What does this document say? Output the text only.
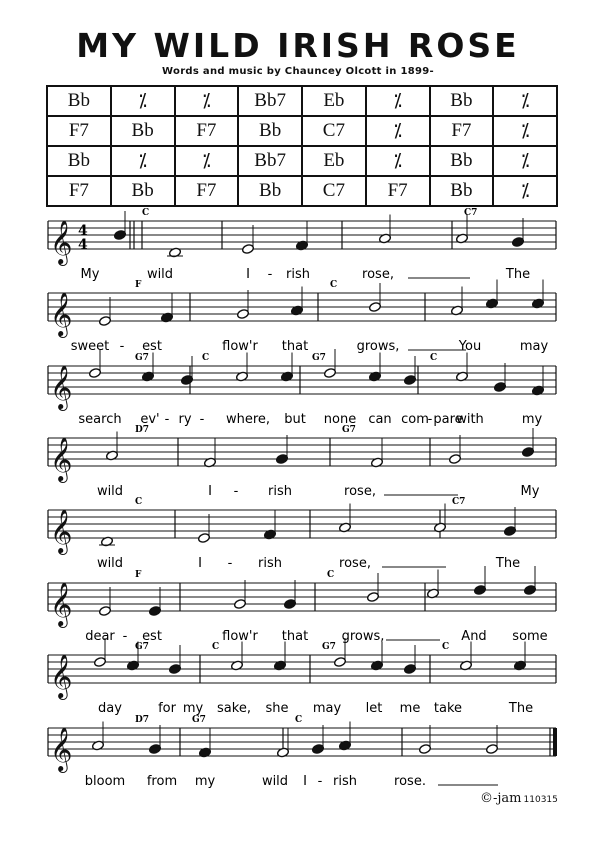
MY WILD IRISH ROSE
Words and music by Chauncey Olcott in 1899-
Bb	⁒	⁒	Bb7	Eb	⁒	Bb	⁒
F7	Bb	F7	Bb	C7	⁒	F7	⁒
Bb	⁒	⁒	Bb7	Eb	⁒	Bb	⁒
F7	Bb	F7	Bb	C7	F7	Bb	⁒
𝄞 4
4
C	C7
My	wild	I - rish	rose,	The
𝄞
F	C
sweet - est	flow'r that	grows,	You	may
𝄞
G7	C	G7	C
search ev' - ry - where, but none can com
- pare
with	my
𝄞
D7	G7
wild	I - rish	rose,	My
𝄞
C	C7
wild	I - rish	rose,	The
𝄞
F	C
dear - est	flow'r that	grows,	And some
𝄞
G7	C	G7	C
day	for my sake, she may let me take	The
𝄞
D7	G7	C
bloom from my	wild I - rish	rose.
©-jam 110315
